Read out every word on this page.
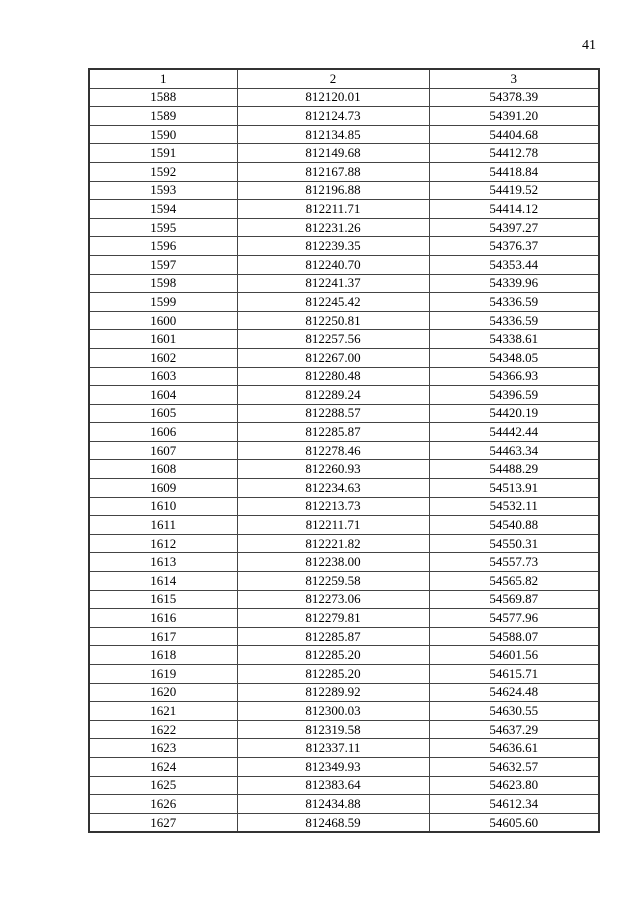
41
1	2	3
1588	812120.01	54378.39
1589	812124.73	54391.20
1590	812134.85	54404.68
1591	812149.68	54412.78
1592	812167.88	54418.84
1593	812196.88	54419.52
1594	812211.71	54414.12
1595	812231.26	54397.27
1596	812239.35	54376.37
1597	812240.70	54353.44
1598	812241.37	54339.96
1599	812245.42	54336.59
1600	812250.81	54336.59
1601	812257.56	54338.61
1602	812267.00	54348.05
1603	812280.48	54366.93
1604	812289.24	54396.59
1605	812288.57	54420.19
1606	812285.87	54442.44
1607	812278.46	54463.34
1608	812260.93	54488.29
1609	812234.63	54513.91
1610	812213.73	54532.11
1611	812211.71	54540.88
1612	812221.82	54550.31
1613	812238.00	54557.73
1614	812259.58	54565.82
1615	812273.06	54569.87
1616	812279.81	54577.96
1617	812285.87	54588.07
1618	812285.20	54601.56
1619	812285.20	54615.71
1620	812289.92	54624.48
1621	812300.03	54630.55
1622	812319.58	54637.29
1623	812337.11	54636.61
1624	812349.93	54632.57
1625	812383.64	54623.80
1626	812434.88	54612.34
1627	812468.59	54605.60
